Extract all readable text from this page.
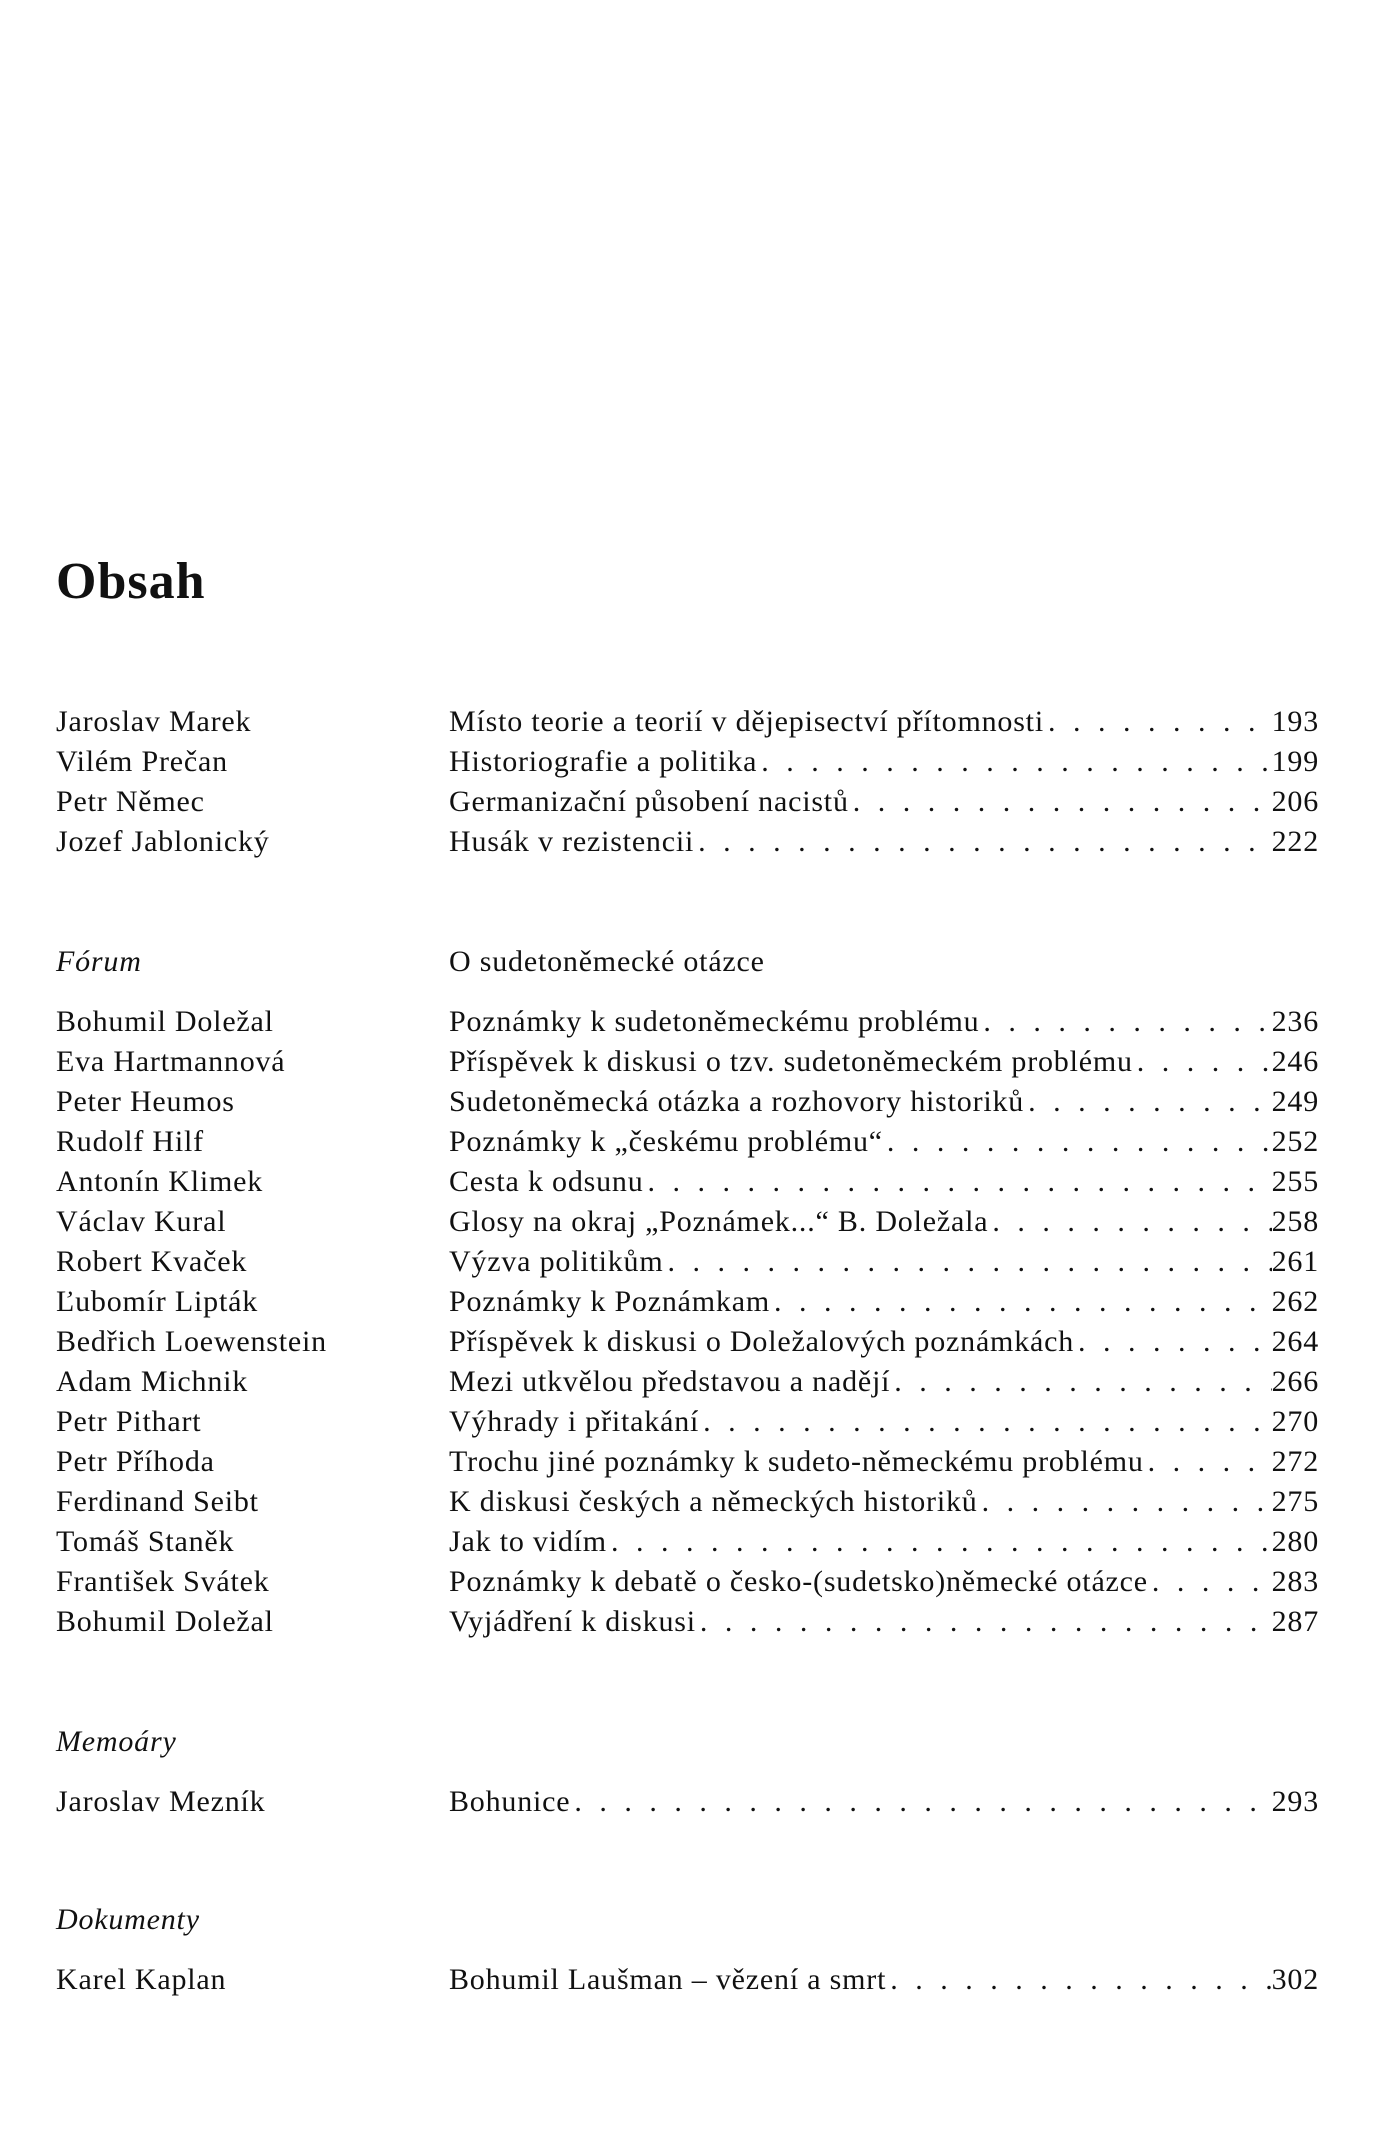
Obsah
Jaroslav Marek	Místo teorie a teorií v dějepisectví přítomnosti . . .	193
Vilém Prečan	Historiografie a politika . . .	199
Petr Němec	Germanizační působení nacistů . . .	206
Jozef Jablonický	Husák v rezistencii . . .	222
Fórum	O sudetoněmecké otázce
Bohumil Doležal	Poznámky k sudetoněmeckému problému . . .	236
Eva Hartmannová	Příspěvek k diskusi o tzv. sudetoněmeckém problému . . .	246
Peter Heumos	Sudetoněmecká otázka a rozhovory historiků . . .	249
Rudolf Hilf	Poznámky k „českému problému“ . . .	252
Antonín Klimek	Cesta k odsunu . . .	255
Václav Kural	Glosy na okraj „Poznámek...“ B. Doležala . . .	258
Robert Kvaček	Výzva politikům . . .	261
Ľubomír Lipták	Poznámky k Poznámkam . . .	262
Bedřich Loewenstein	Příspěvek k diskusi o Doležalových poznámkách . . .	264
Adam Michnik	Mezi utkvělou představou a nadějí . . .	266
Petr Pithart	Výhrady i přitakání . . .	270
Petr Příhoda	Trochu jiné poznámky k sudeto-německému problému . . .	272
Ferdinand Seibt	K diskusi českých a německých historiků . . .	275
Tomáš Staněk	Jak to vidím . . .	280
František Svátek	Poznámky k debatě o česko-(sudetsko)německé otázce . . .	283
Bohumil Doležal	Vyjádření k diskusi . . .	287
Memoáry
Jaroslav Mezník	Bohunice . . .	293
Dokumenty
Karel Kaplan	Bohumil Laušman – vězení a smrt . . .	302
